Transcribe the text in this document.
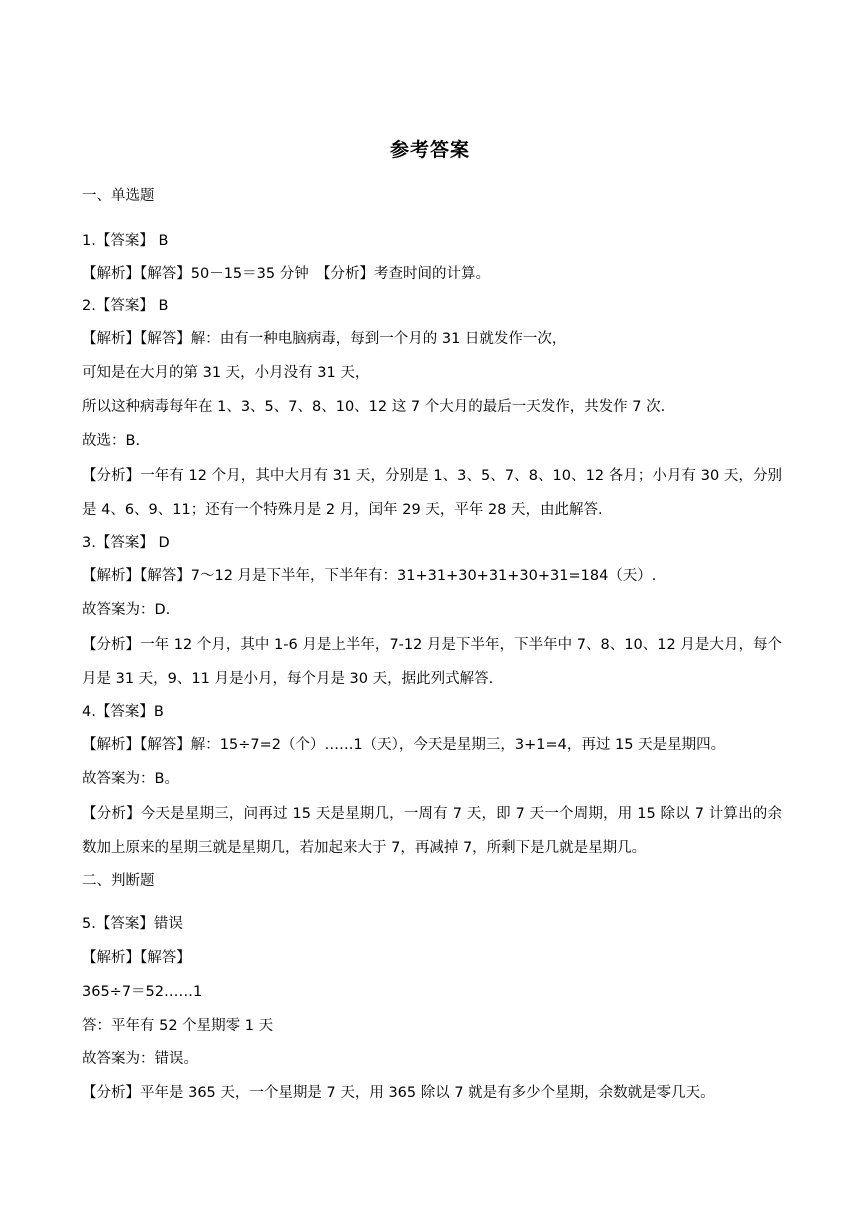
参考答案
一、单选题
1.【答案】 B
【解析】【解答】50－15＝35 分钟　【分析】考查时间的计算。
2.【答案】 B
【解析】【解答】解：由有一种电脑病毒，每到一个月的 31 日就发作一次，
可知是在大月的第 31 天，小月没有 31 天，
所以这种病毒每年在 1、3、5、7、8、10、12 这 7 个大月的最后一天发作，共发作 7 次.
故选：B.
【分析】一年有 12 个月，其中大月有 31 天，分别是 1、3、5、7、8、10、12 各月；小月有 30 天，分别是 4、6、9、11；还有一个特殊月是 2 月，闰年 29 天，平年 28 天，由此解答.
3.【答案】 D
【解析】【解答】7～12 月是下半年，下半年有：31+31+30+31+30+31=184（天）.
故答案为：D.
【分析】一年 12 个月，其中 1-6 月是上半年，7-12 月是下半年，下半年中 7、8、10、12 月是大月，每个月是 31 天，9、11 月是小月，每个月是 30 天，据此列式解答.
4.【答案】B
【解析】【解答】解：15÷7=2（个）……1（天），今天是星期三，3+1=4，再过 15 天是星期四。
故答案为：B。
【分析】今天是星期三，问再过 15 天是星期几，一周有 7 天，即 7 天一个周期，用 15 除以 7 计算出的余数加上原来的星期三就是星期几，若加起来大于 7，再减掉 7，所剩下是几就是星期几。
二、判断题
5.【答案】错误
【解析】【解答】
365÷7＝52……1
答：平年有 52 个星期零 1 天
故答案为：错误。
【分析】平年是 365 天，一个星期是 7 天，用 365 除以 7 就是有多少个星期，余数就是零几天。
